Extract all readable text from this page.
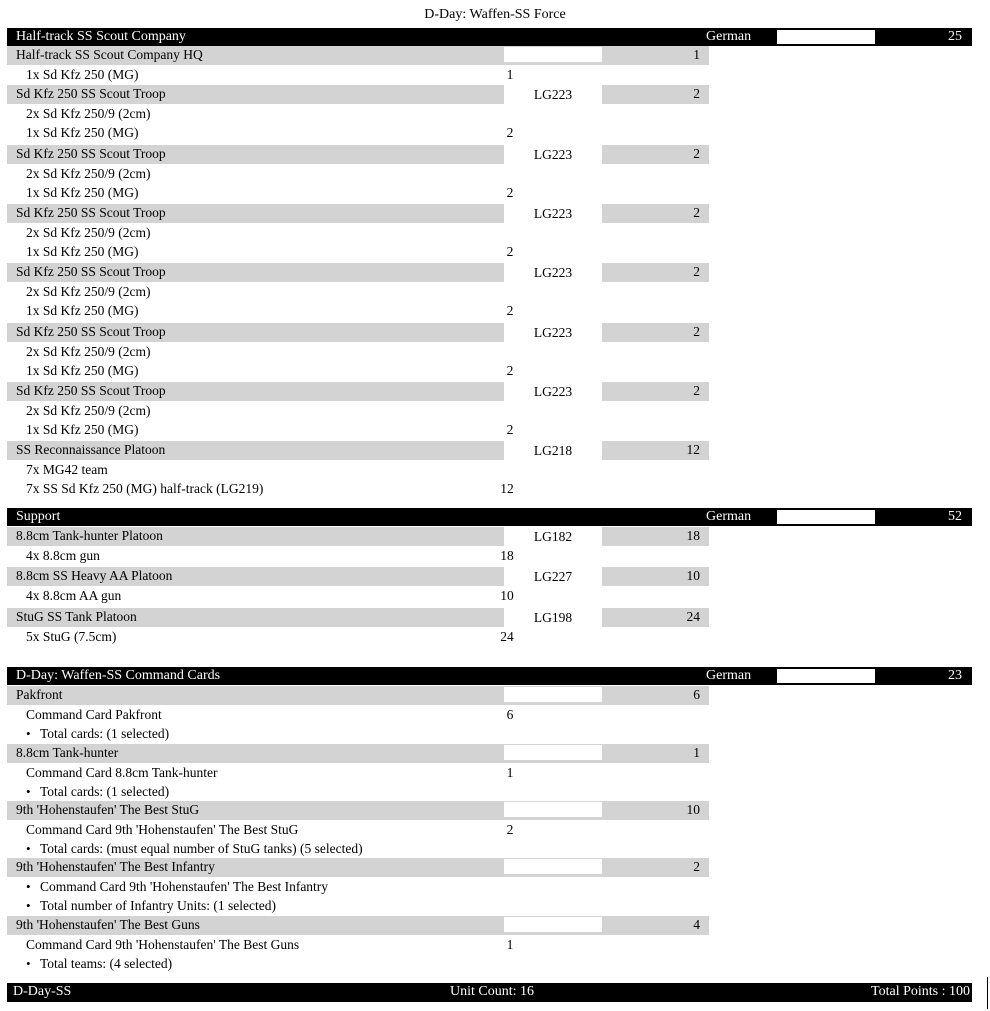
D-Day: Waffen-SS Force
Half-track SS Scout Company	German	25
Half-track SS Scout Company HQ	1
1x Sd Kfz 250 (MG)	1
Sd Kfz 250 SS Scout Troop	LG223	2
2x Sd Kfz 250/9 (2cm)
1x Sd Kfz 250 (MG)	2
Sd Kfz 250 SS Scout Troop	LG223	2
2x Sd Kfz 250/9 (2cm)
1x Sd Kfz 250 (MG)	2
Sd Kfz 250 SS Scout Troop	LG223	2
2x Sd Kfz 250/9 (2cm)
1x Sd Kfz 250 (MG)	2
Sd Kfz 250 SS Scout Troop	LG223	2
2x Sd Kfz 250/9 (2cm)
1x Sd Kfz 250 (MG)	2
Sd Kfz 250 SS Scout Troop	LG223	2
2x Sd Kfz 250/9 (2cm)
1x Sd Kfz 250 (MG)	2
Sd Kfz 250 SS Scout Troop	LG223	2
2x Sd Kfz 250/9 (2cm)
1x Sd Kfz 250 (MG)	2
SS Reconnaissance Platoon	LG218	12
7x MG42 team
7x SS Sd Kfz 250 (MG) half-track (LG219)	12
Support	German	52
8.8cm Tank-hunter Platoon	LG182	18
4x 8.8cm gun	18
8.8cm SS Heavy AA Platoon	LG227	10
4x 8.8cm AA gun	10
StuG SS Tank Platoon	LG198	24
5x StuG (7.5cm)	24
D-Day: Waffen-SS Command Cards	German	23
Pakfront	6
Command Card Pakfront	6
• Total cards: (1 selected)
8.8cm Tank-hunter	1
Command Card 8.8cm Tank-hunter	1
• Total cards: (1 selected)
9th 'Hohenstaufen' The Best StuG	10
Command Card 9th 'Hohenstaufen' The Best StuG	2
• Total cards: (must equal number of StuG tanks) (5 selected)
9th 'Hohenstaufen' The Best Infantry	2
• Command Card 9th 'Hohenstaufen' The Best Infantry
• Total number of Infantry Units: (1 selected)
9th 'Hohenstaufen' The Best Guns	4
Command Card 9th 'Hohenstaufen' The Best Guns	1
• Total teams: (4 selected)
D-Day-SS	Unit Count: 16	Total Points : 100
